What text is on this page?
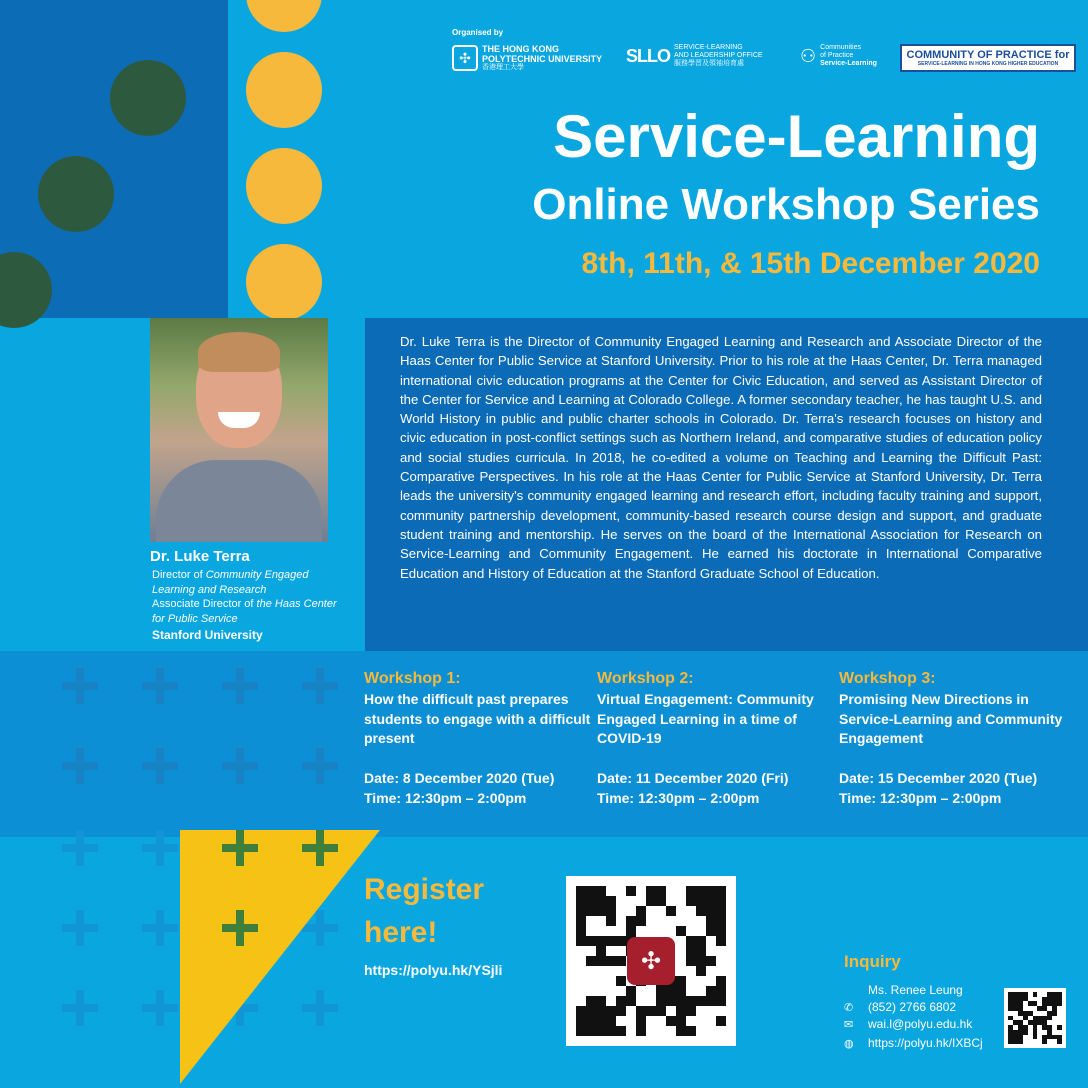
Organised by
✣
THE HONG KONG
POLYTECHNIC UNIVERSITY
香港理工大學
SLLO SERVICE-LEARNING
AND LEADERSHIP OFFICE
服務學習及領袖培育處	⚇ Communities
of Practice
Service-Learning
COMMUNITY OF PRACTICE for
SERVICE-LEARNING IN HONG KONG HIGHER EDUCATION
Service-Learning
Online Workshop Series
8th, 11th, & 15th December 2020
Dr. Luke Terra
Director of Community Engaged Learning and Research
Associate Director of the Haas Center for Public Service
Stanford University
Dr. Luke Terra is the Director of Community Engaged Learning and Research and Associate Director of the Haas Center for Public Service at Stanford University. Prior to his role at the Haas Center, Dr. Terra managed international civic education programs at the Center for Civic Education, and served as Assistant Director of the Center for Service and Learning at Colorado College. A former secondary teacher, he has taught U.S. and World History in public and public charter schools in Colorado. Dr. Terra's research focuses on history and civic education in post-conflict settings such as Northern Ireland, and comparative studies of education policy and social studies curricula. In 2018, he co-edited a volume on Teaching and Learning the Difficult Past: Comparative Perspectives. In his role at the Haas Center for Public Service at Stanford University, Dr. Terra leads the university's community engaged learning and research effort, including faculty training and support, community partnership development, community-based research course design and support, and graduate student training and mentorship. He serves on the board of the International Association for Research on Service-Learning and Community Engagement. He earned his doctorate in International Comparative Education and History of Education at the Stanford Graduate School of Education.
Workshop 1:
How the difficult past prepares students to engage with a difficult present
Date: 8 December 2020 (Tue)
Time: 12:30pm – 2:00pm
Workshop 2:
Virtual Engagement: Community Engaged Learning in a time of COVID-19
Date: 11 December 2020 (Fri)
Time: 12:30pm – 2:00pm
Workshop 3:
Promising New Directions in Service-Learning and Community Engagement
Date: 15 December 2020 (Tue)
Time: 12:30pm – 2:00pm
Register
here!
https://polyu.hk/YSjli	✣	Inquiry
Ms. Renee Leung
✆	(852) 2766 6802
✉	wai.l@polyu.edu.hk
◍	https://polyu.hk/IXBCj
